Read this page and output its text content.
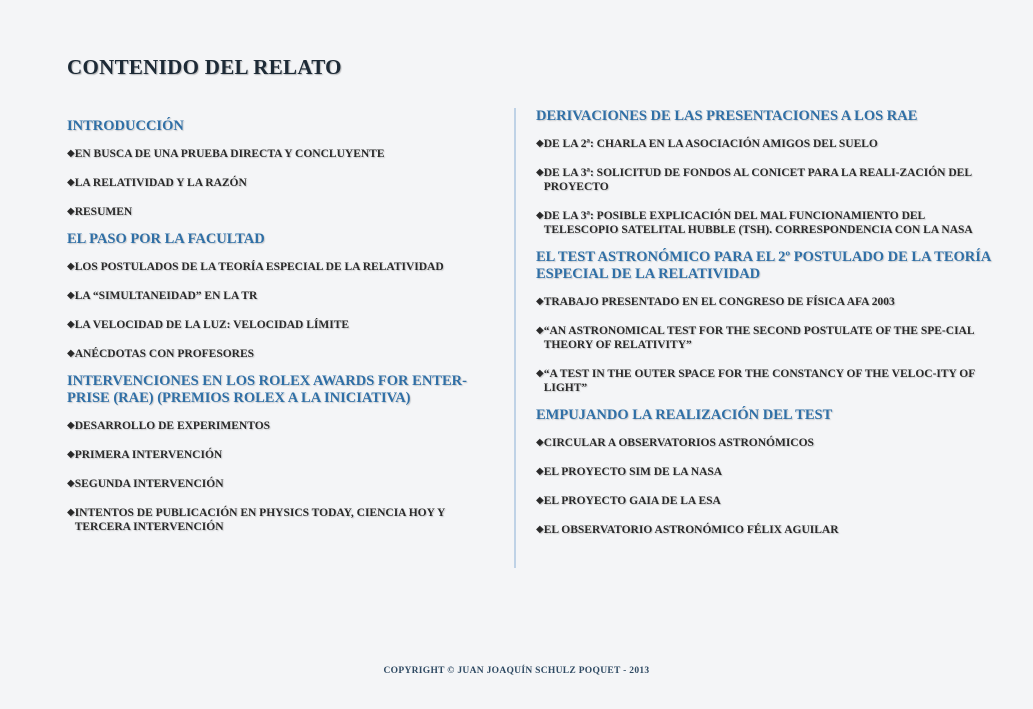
CONTENIDO DEL RELATO
INTRODUCCIÓN
◆ EN BUSCA DE UNA PRUEBA DIRECTA Y CONCLUYENTE
◆ LA RELATIVIDAD Y LA RAZÓN
◆ RESUMEN
EL PASO POR LA FACULTAD
◆ LOS POSTULADOS DE LA TEORÍA ESPECIAL DE LA RELATIVIDAD
◆ LA “SIMULTANEIDAD” EN LA TR
◆ LA VELOCIDAD DE LA LUZ: VELOCIDAD LÍMITE
◆ ANÉCDOTAS CON PROFESORES
INTERVENCIONES EN LOS ROLEX AWARDS FOR ENTER-PRISE (RAE) (PREMIOS ROLEX A LA INICIATIVA)
◆ DESARROLLO DE EXPERIMENTOS
◆ PRIMERA INTERVENCIÓN
◆ SEGUNDA INTERVENCIÓN
◆ INTENTOS DE PUBLICACIÓN EN PHYSICS TODAY, CIENCIA HOY Y TERCERA INTERVENCIÓN
DERIVACIONES DE LAS PRESENTACIONES A LOS RAE
◆ DE LA 2ª: CHARLA EN LA ASOCIACIÓN AMIGOS DEL SUELO
◆ DE LA 3ª: SOLICITUD DE FONDOS AL CONICET PARA LA REALI-ZACIÓN DEL PROYECTO
◆ DE LA 3ª: POSIBLE EXPLICACIÓN DEL MAL FUNCIONAMIENTO DEL TELESCOPIO SATELITAL HUBBLE (TSH). CORRESPONDENCIA CON LA NASA
EL TEST ASTRONÓMICO PARA EL 2º POSTULADO DE LA TEORÍA ESPECIAL DE LA RELATIVIDAD
◆ TRABAJO PRESENTADO EN EL CONGRESO DE FÍSICA AFA 2003
◆ “AN ASTRONOMICAL TEST FOR THE SECOND POSTULATE OF THE SPE-CIAL THEORY OF RELATIVITY”
◆ “A TEST IN THE OUTER SPACE FOR THE CONSTANCY OF THE VELOC-ITY OF LIGHT”
EMPUJANDO LA REALIZACIÓN DEL TEST
◆ CIRCULAR A OBSERVATORIOS ASTRONÓMICOS
◆ EL PROYECTO SIM DE LA NASA
◆ EL PROYECTO GAIA DE LA ESA
◆ EL OBSERVATORIO ASTRONÓMICO FÉLIX AGUILAR
COPYRIGHT © JUAN JOAQUÍN SCHULZ POQUET - 2013
